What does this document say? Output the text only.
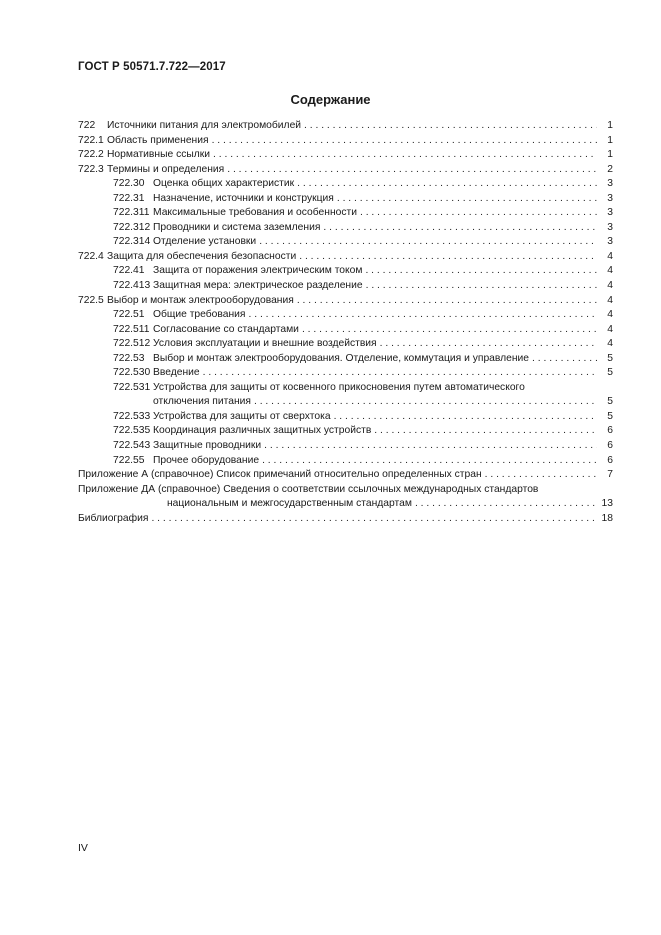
ГОСТ Р 50571.7.722—2017
Содержание
722	Источники питания для электромобилей . . .	1
722.1 Область применения . . .	1
722.2 Нормативные ссылки . . .	1
722.3 Термины и определения . . .	2
722.30 Оценка общих характеристик . . .	3
722.31 Назначение, источники и конструкция . . .	3
722.311 Максимальные требования и особенности . . .	3
722.312 Проводники и система заземления . . .	3
722.314 Отделение установки . . .	3
722.4 Защита для обеспечения безопасности . . .	4
722.41 Защита от поражения электрическим током . . .	4
722.413 Защитная мера: электрическое разделение . . .	4
722.5 Выбор и монтаж электрооборудования . . .	4
722.51 Общие требования . . .	4
722.511 Согласование со стандартами . . .	4
722.512 Условия эксплуатации и внешние воздействия . . .	4
722.53 Выбор и монтаж электрооборудования. Отделение, коммутация и управление . . .	5
722.530 Введение . . .	5
722.531 Устройства для защиты от косвенного прикосновения путем автоматического
отключения питания . . .	5
722.533 Устройства для защиты от сверхтока . . .	5
722.535 Координация различных защитных устройств . . .	6
722.543 Защитные проводники . . .	6
722.55 Прочее оборудование . . .	6
Приложение А (справочное) Список примечаний относительно определенных стран . . .	7
Приложение ДА (справочное) Сведения о соответствии ссылочных международных стандартов
национальным и межгосударственным стандартам . . .	13
Библиография . . .	18
IV
